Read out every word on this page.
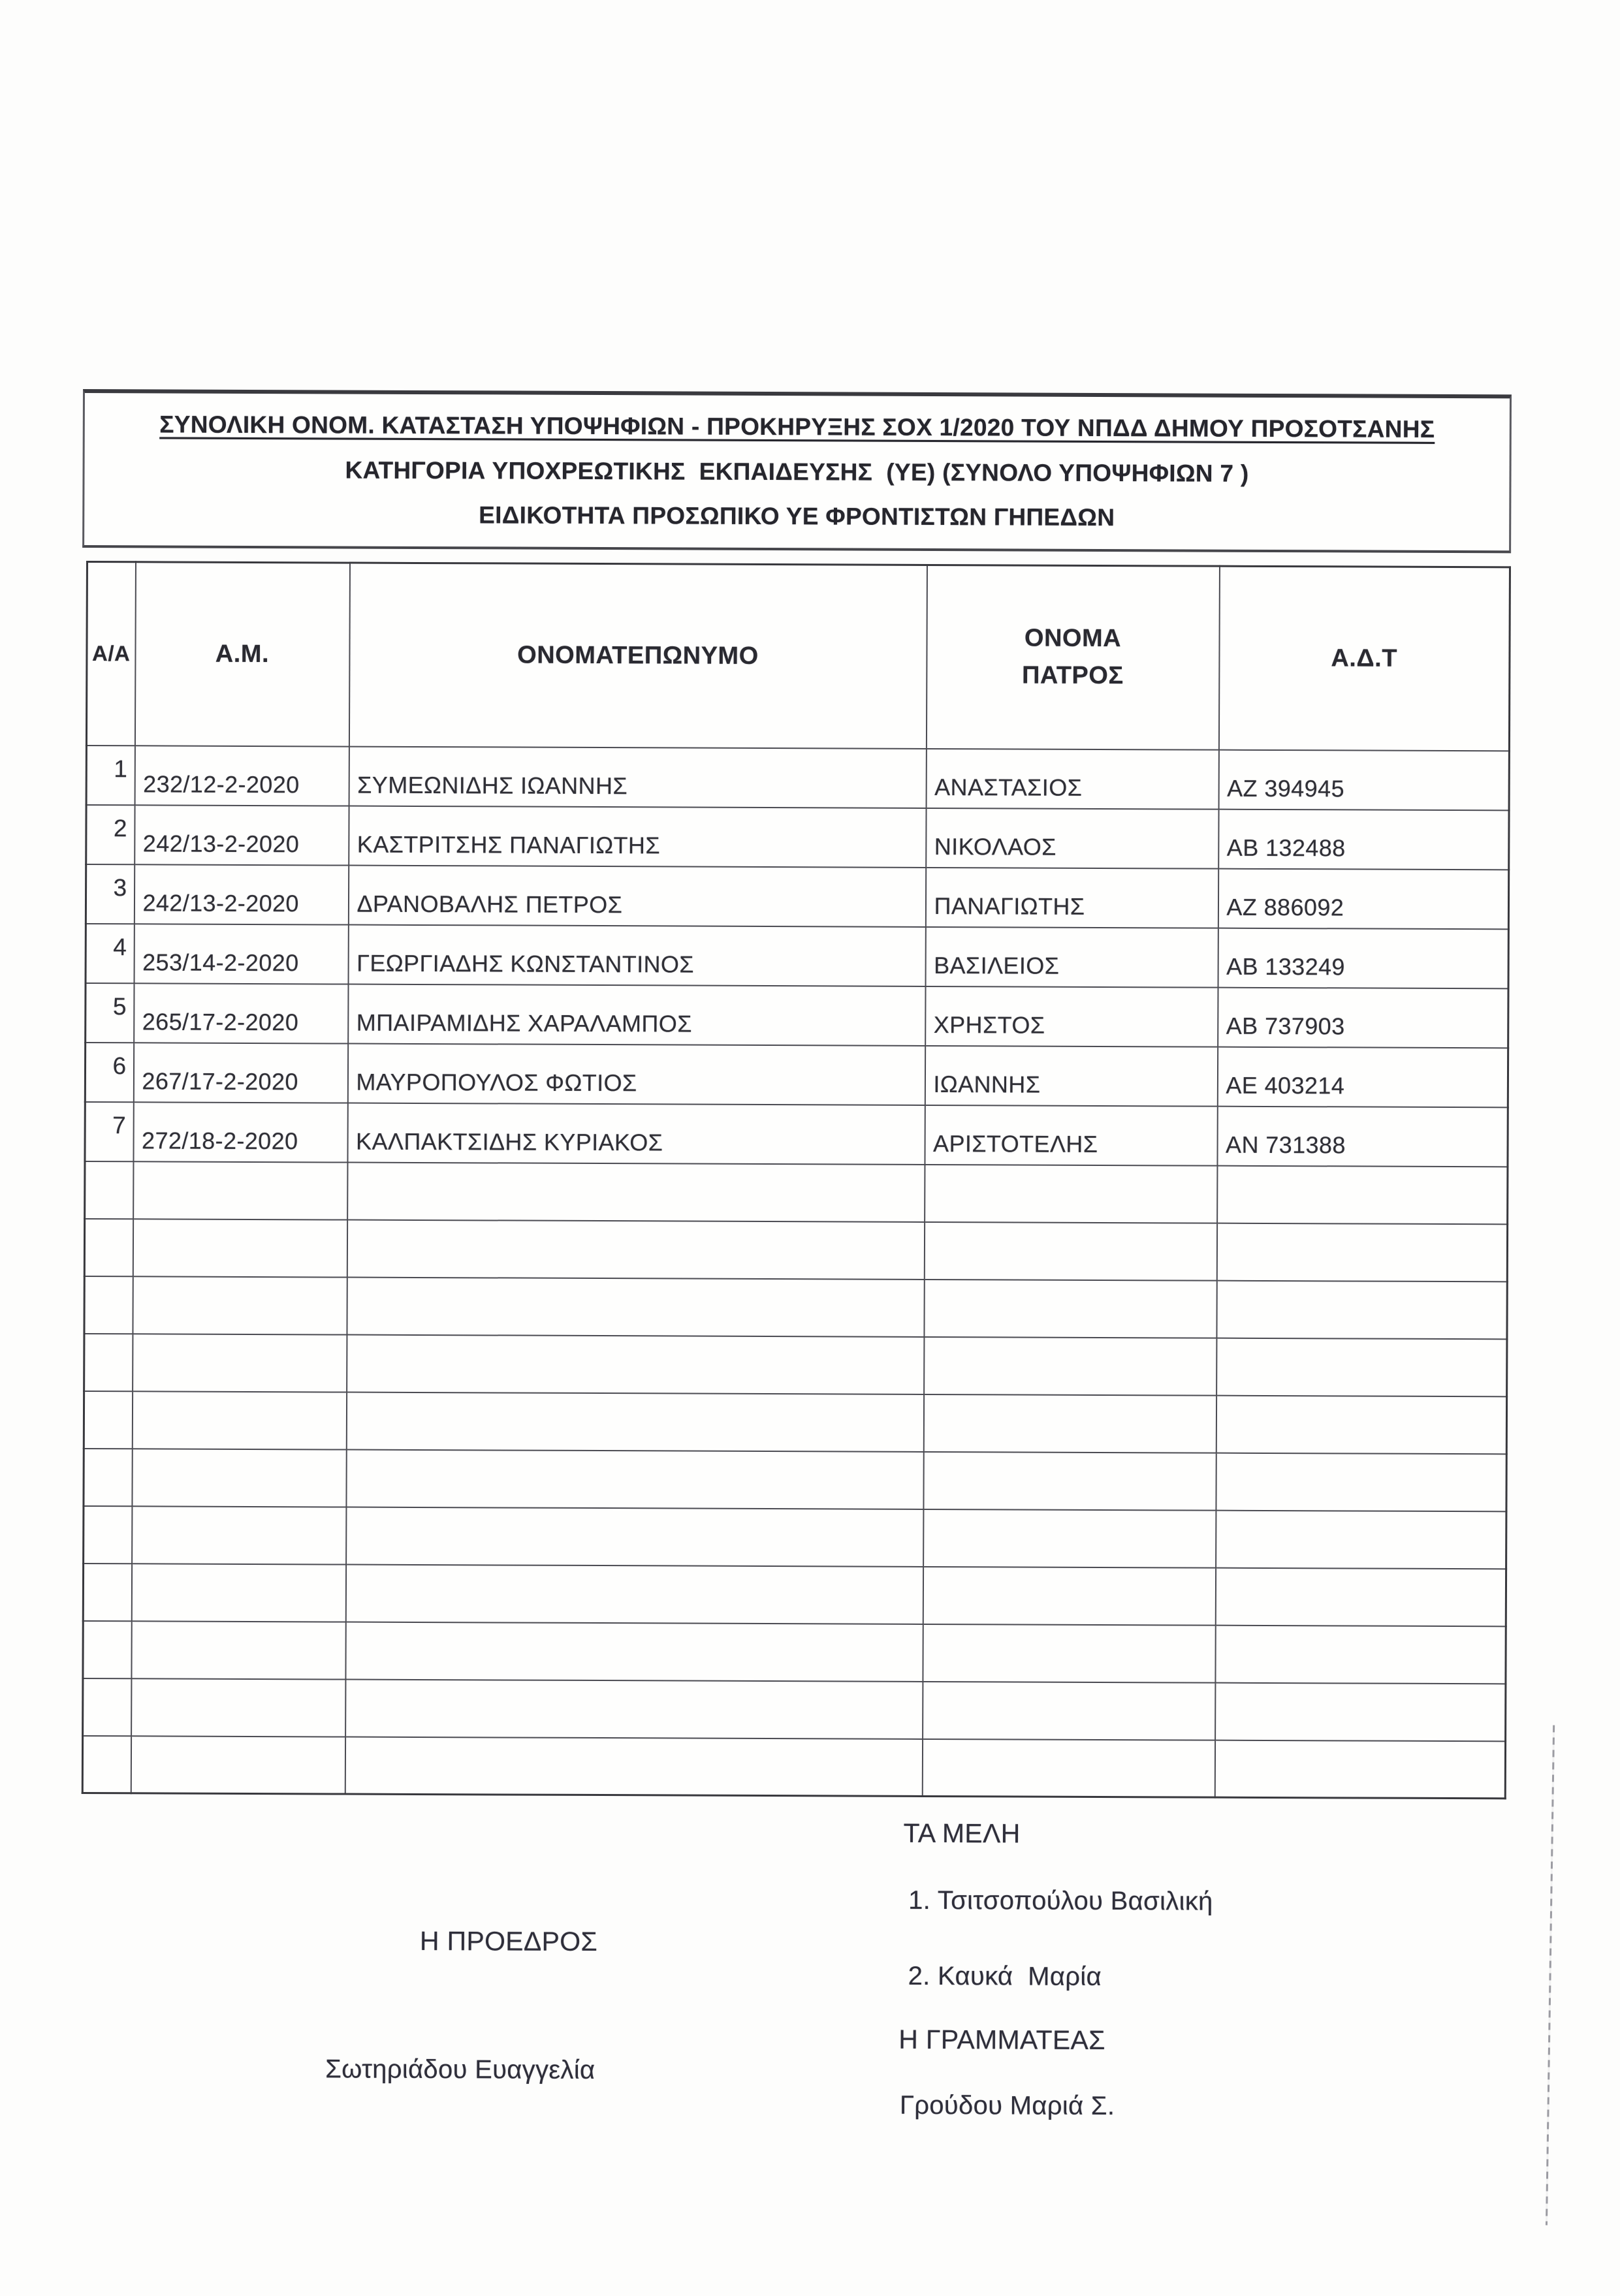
ΣΥΝΟΛΙΚΗ ΟΝΟΜ. ΚΑΤΑΣΤΑΣΗ ΥΠΟΨΗΦΙΩΝ - ΠΡΟΚΗΡΥΞΗΣ ΣΟΧ 1/2020 ΤΟΥ ΝΠΔΔ ΔΗΜΟΥ ΠΡΟΣΟΤΣΑΝΗΣ
ΚΑΤΗΓΟΡΙΑ ΥΠΟΧΡΕΩΤΙΚΗΣ  ΕΚΠΑΙΔΕΥΣΗΣ  (ΥΕ) (ΣΥΝΟΛΟ ΥΠΟΨΗΦΙΩΝ 7 )
ΕΙΔΙΚΟΤΗΤΑ ΠΡΟΣΩΠΙΚΟ ΥΕ ΦΡΟΝΤΙΣΤΩΝ ΓΗΠΕΔΩΝ
Α/Α	Α.Μ.	ΟΝΟΜΑΤΕΠΩΝΥΜΟ	ΟΝΟΜΑ ΠΑΤΡΟΣ	Α.Δ.Τ
1	232/12-2-2020	ΣΥΜΕΩΝΙΔΗΣ ΙΩΑΝΝΗΣ	ΑΝΑΣΤΑΣΙΟΣ	ΑΖ 394945
2	242/13-2-2020	ΚΑΣΤΡΙΤΣΗΣ ΠΑΝΑΓΙΩΤΗΣ	ΝΙΚΟΛΑΟΣ	ΑΒ 132488
3	242/13-2-2020	ΔΡΑΝΟΒΑΛΗΣ ΠΕΤΡΟΣ	ΠΑΝΑΓΙΩΤΗΣ	ΑΖ 886092
4	253/14-2-2020	ΓΕΩΡΓΙΑΔΗΣ ΚΩΝΣΤΑΝΤΙΝΟΣ	ΒΑΣΙΛΕΙΟΣ	ΑΒ 133249
5	265/17-2-2020	ΜΠΑΙΡΑΜΙΔΗΣ ΧΑΡΑΛΑΜΠΟΣ	ΧΡΗΣΤΟΣ	ΑΒ 737903
6	267/17-2-2020	ΜΑΥΡΟΠΟΥΛΟΣ ΦΩΤΙΟΣ	ΙΩΑΝΝΗΣ	ΑΕ 403214
7	272/18-2-2020	ΚΑΛΠΑΚΤΣΙΔΗΣ ΚΥΡΙΑΚΟΣ	ΑΡΙΣΤΟΤΕΛΗΣ	ΑΝ 731388

ΤΑ ΜΕΛΗ
1. Τσιτσοπούλου Βασιλική
Η ΠΡΟΕΔΡΟΣ
2. Καυκά  Μαρία
Η ΓΡΑΜΜΑΤΕΑΣ
Σωτηριάδου Ευαγγελία
Γρούδου Μαριά Σ.
